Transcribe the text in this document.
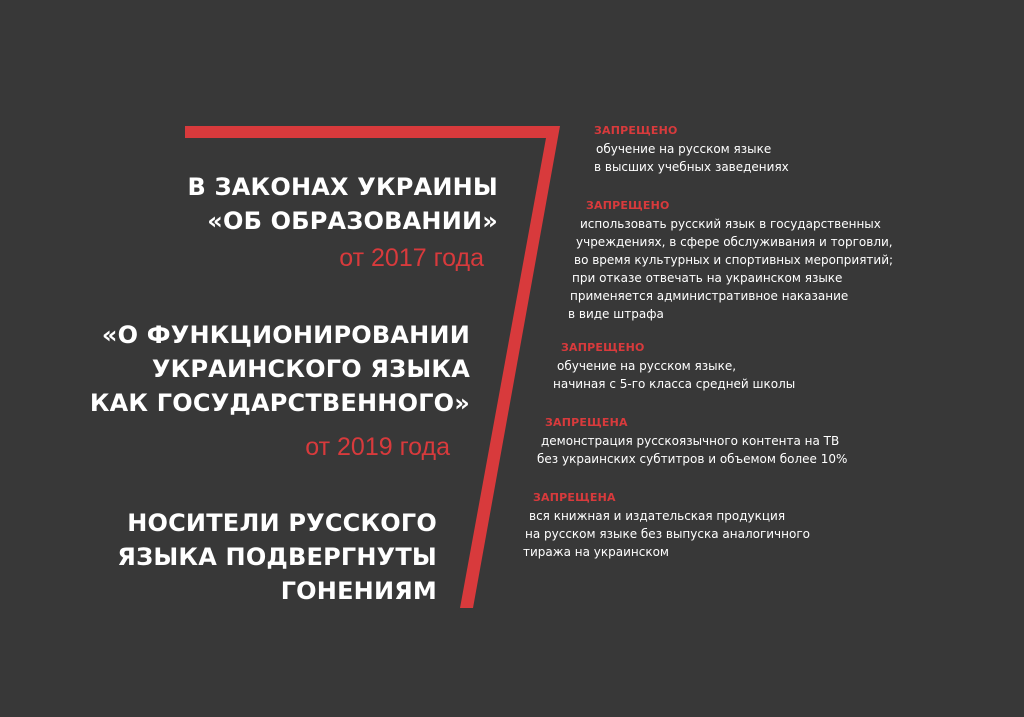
В ЗАКОНАХ УКРАИНЫ
«ОБ ОБРАЗОВАНИИ»
от 2017 года
«О ФУНКЦИОНИРОВАНИИ
УКРАИНСКОГО ЯЗЫКА
КАК ГОСУДАРСТВЕННОГО»
от 2019 года
НОСИТЕЛИ РУССКОГО
ЯЗЫКА ПОДВЕРГНУТЫ
ГОНЕНИЯМ
ЗАПРЕЩЕНО
обучение на русском языке
в высших учебных заведениях
ЗАПРЕЩЕНО
использовать русский язык в государственных
учреждениях, в сфере обслуживания и торговли,
во время культурных и спортивных мероприятий;
при отказе отвечать на украинском языке
применяется административное наказание
в виде штрафа
ЗАПРЕЩЕНО
обучение на русском языке,
начиная с 5-го класса средней школы
ЗАПРЕЩЕНА
демонстрация русскоязычного контента на ТВ
без украинских субтитров и объемом более 10%
ЗАПРЕЩЕНА
вся книжная и издательская продукция
на русском языке без выпуска аналогичного
тиража на украинском
